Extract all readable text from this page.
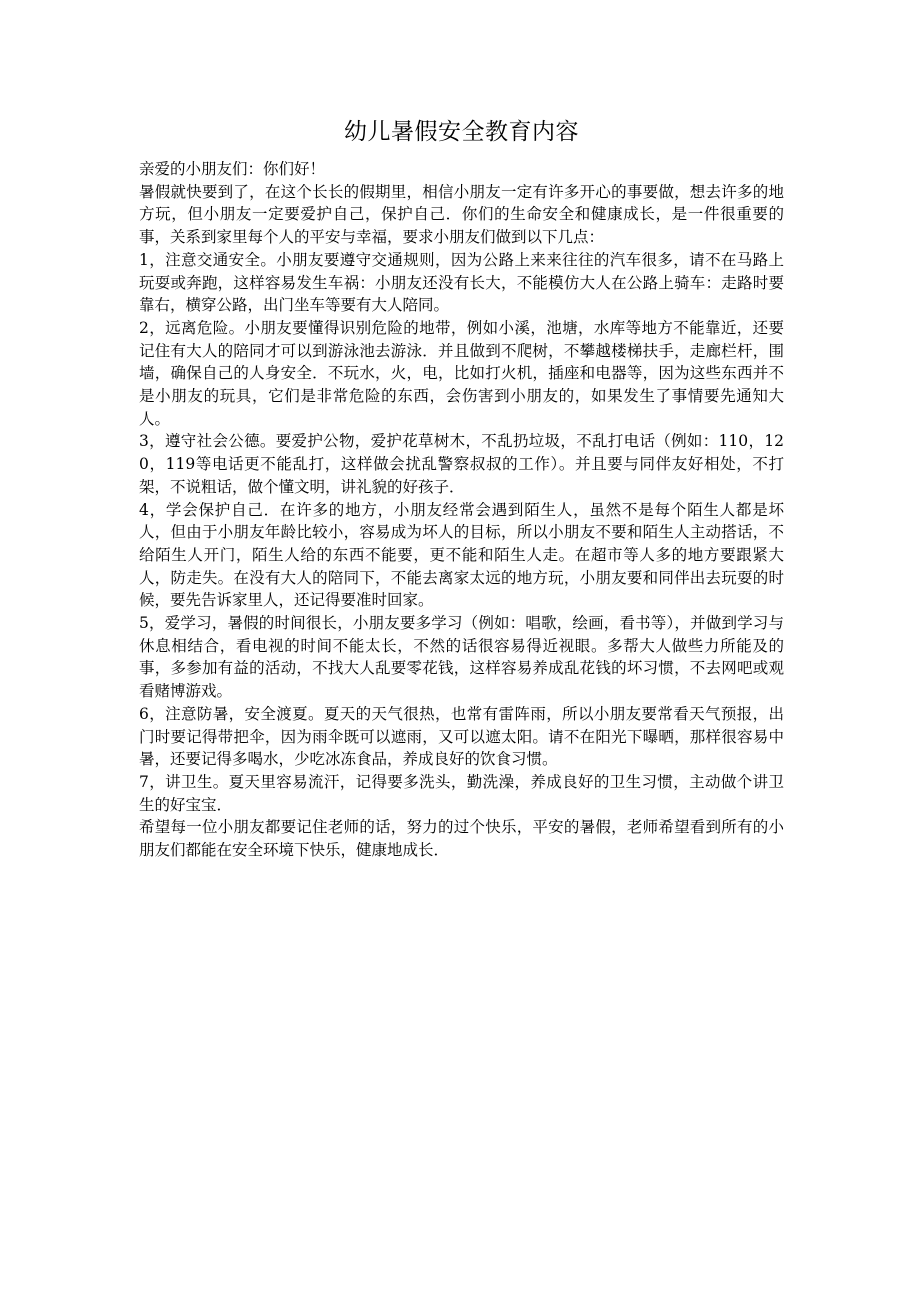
幼儿暑假安全教育内容

亲爱的小朋友们：你们好！

暑假就快要到了，在这个长长的假期里，相信小朋友一定有许多开心的事要做，想去许多的地方玩，但小朋友一定要爱护自己，保护自己．你们的生命安全和健康成长，是一件很重要的事，关系到家里每个人的平安与幸福，要求小朋友们做到以下几点：

1，注意交通安全。小朋友要遵守交通规则，因为公路上来来往往的汽车很多，请不在马路上玩耍或奔跑，这样容易发生车祸：小朋友还没有长大，不能模仿大人在公路上骑车：走路时要靠右，横穿公路，出门坐车等要有大人陪同。

2，远离危险。小朋友要懂得识别危险的地带，例如小溪，池塘，水库等地方不能靠近，还要记住有大人的陪同才可以到游泳池去游泳．并且做到不爬树，不攀越楼梯扶手，走廊栏杆，围墙，确保自己的人身安全．不玩水，火，电，比如打火机，插座和电器等，因为这些东西并不是小朋友的玩具，它们是非常危险的东西，会伤害到小朋友的，如果发生了事情要先通知大人。

3，遵守社会公德。要爱护公物，爱护花草树木，不乱扔垃圾，不乱打电话（例如：110，120，119等电话更不能乱打，这样做会扰乱警察叔叔的工作）。并且要与同伴友好相处，不打架，不说粗话，做个懂文明，讲礼貌的好孩子．

4，学会保护自己．在许多的地方，小朋友经常会遇到陌生人，虽然不是每个陌生人都是坏人，但由于小朋友年龄比较小，容易成为坏人的目标，所以小朋友不要和陌生人主动搭话，不给陌生人开门，陌生人给的东西不能要，更不能和陌生人走。在超市等人多的地方要跟紧大人，防走失。在没有大人的陪同下，不能去离家太远的地方玩，小朋友要和同伴出去玩耍的时候，要先告诉家里人，还记得要准时回家。

5，爱学习，暑假的时间很长，小朋友要多学习（例如：唱歌，绘画，看书等），并做到学习与休息相结合，看电视的时间不能太长，不然的话很容易得近视眼。多帮大人做些力所能及的事，多参加有益的活动，不找大人乱要零花钱，这样容易养成乱花钱的坏习惯，不去网吧或观看赌博游戏。

6，注意防暑，安全渡夏。夏天的天气很热，也常有雷阵雨，所以小朋友要常看天气预报，出门时要记得带把伞，因为雨伞既可以遮雨，又可以遮太阳。请不在阳光下曝晒，那样很容易中暑，还要记得多喝水，少吃冰冻食品，养成良好的饮食习惯。

7，讲卫生。夏天里容易流汗，记得要多洗头，勤洗澡，养成良好的卫生习惯，主动做个讲卫生的好宝宝．

希望每一位小朋友都要记住老师的话，努力的过个快乐，平安的暑假，老师希望看到所有的小朋友们都能在安全环境下快乐，健康地成长．
